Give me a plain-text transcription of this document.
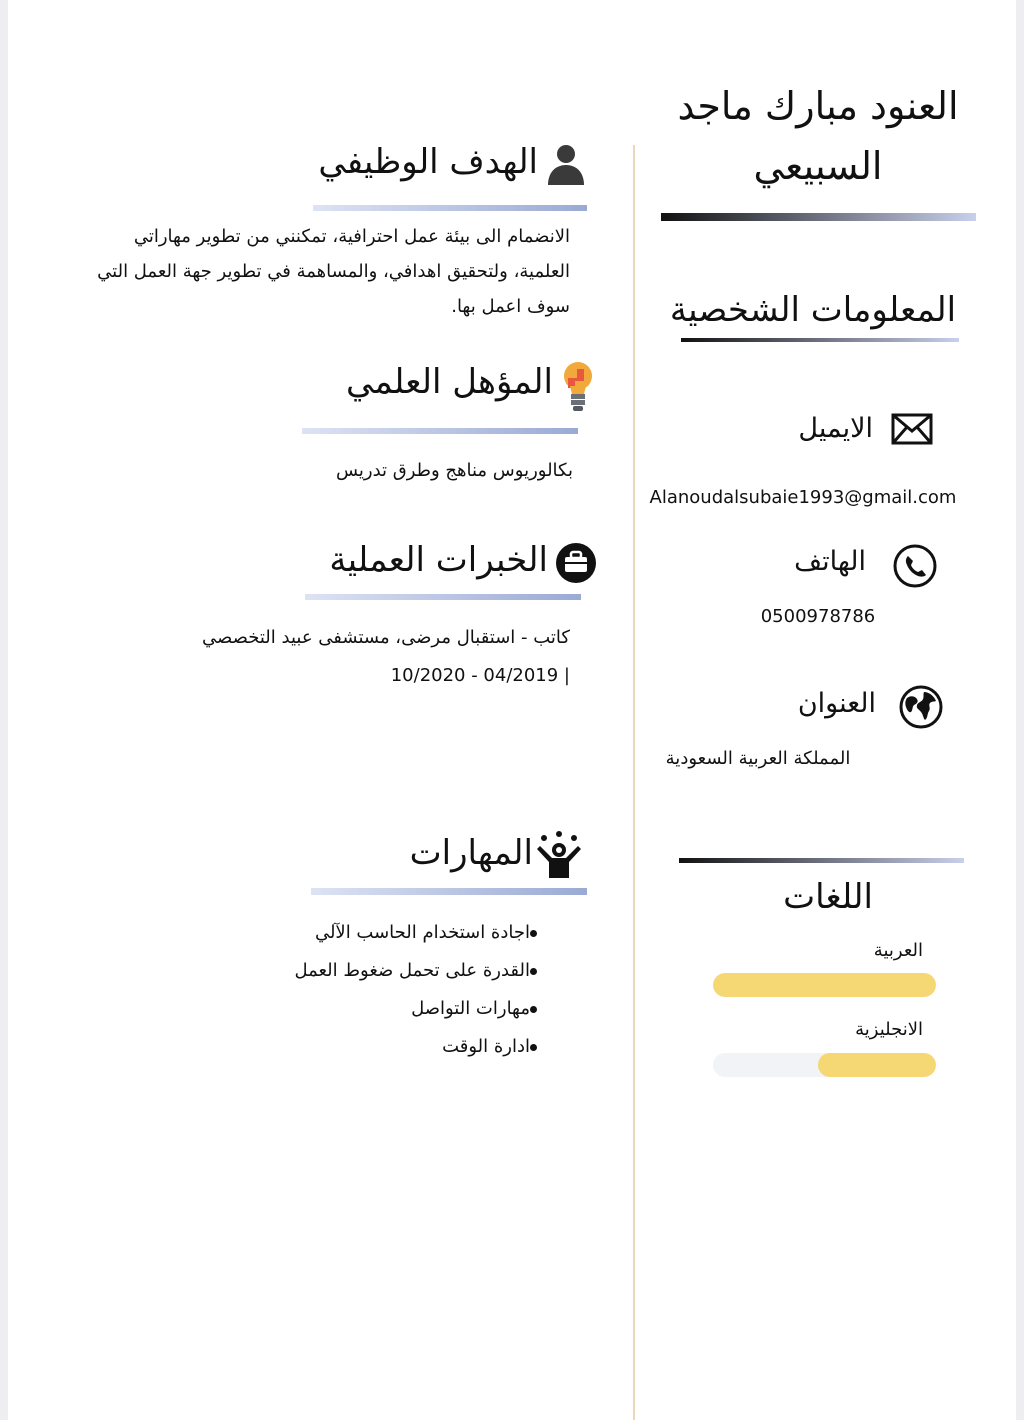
العنود مبارك ماجد
السبيعي
المعلومات الشخصية
الايميل
Alanoudalsubaie1993@gmail.com
الهاتف
0500978786
العنوان
المملكة العربية السعودية
اللغات
العربية
الانجليزية
الهدف الوظيفي
الانضمام الى بيئة عمل احترافية، تمكنني من تطوير مهاراتي العلمية، ولتحقيق اهدافي، والمساهمة في تطوير جهة العمل التي سوف اعمل بها.
المؤهل العلمي
بكالوريوس مناهج وطرق تدريس
الخبرات العملية
كاتب - استقبال مرضى، مستشفى عبيد التخصصي
10/2020 - 04/2019 |
المهارات
اجادة استخدام الحاسب الآلي
القدرة على تحمل ضغوط العمل
مهارات التواصل
ادارة الوقت
